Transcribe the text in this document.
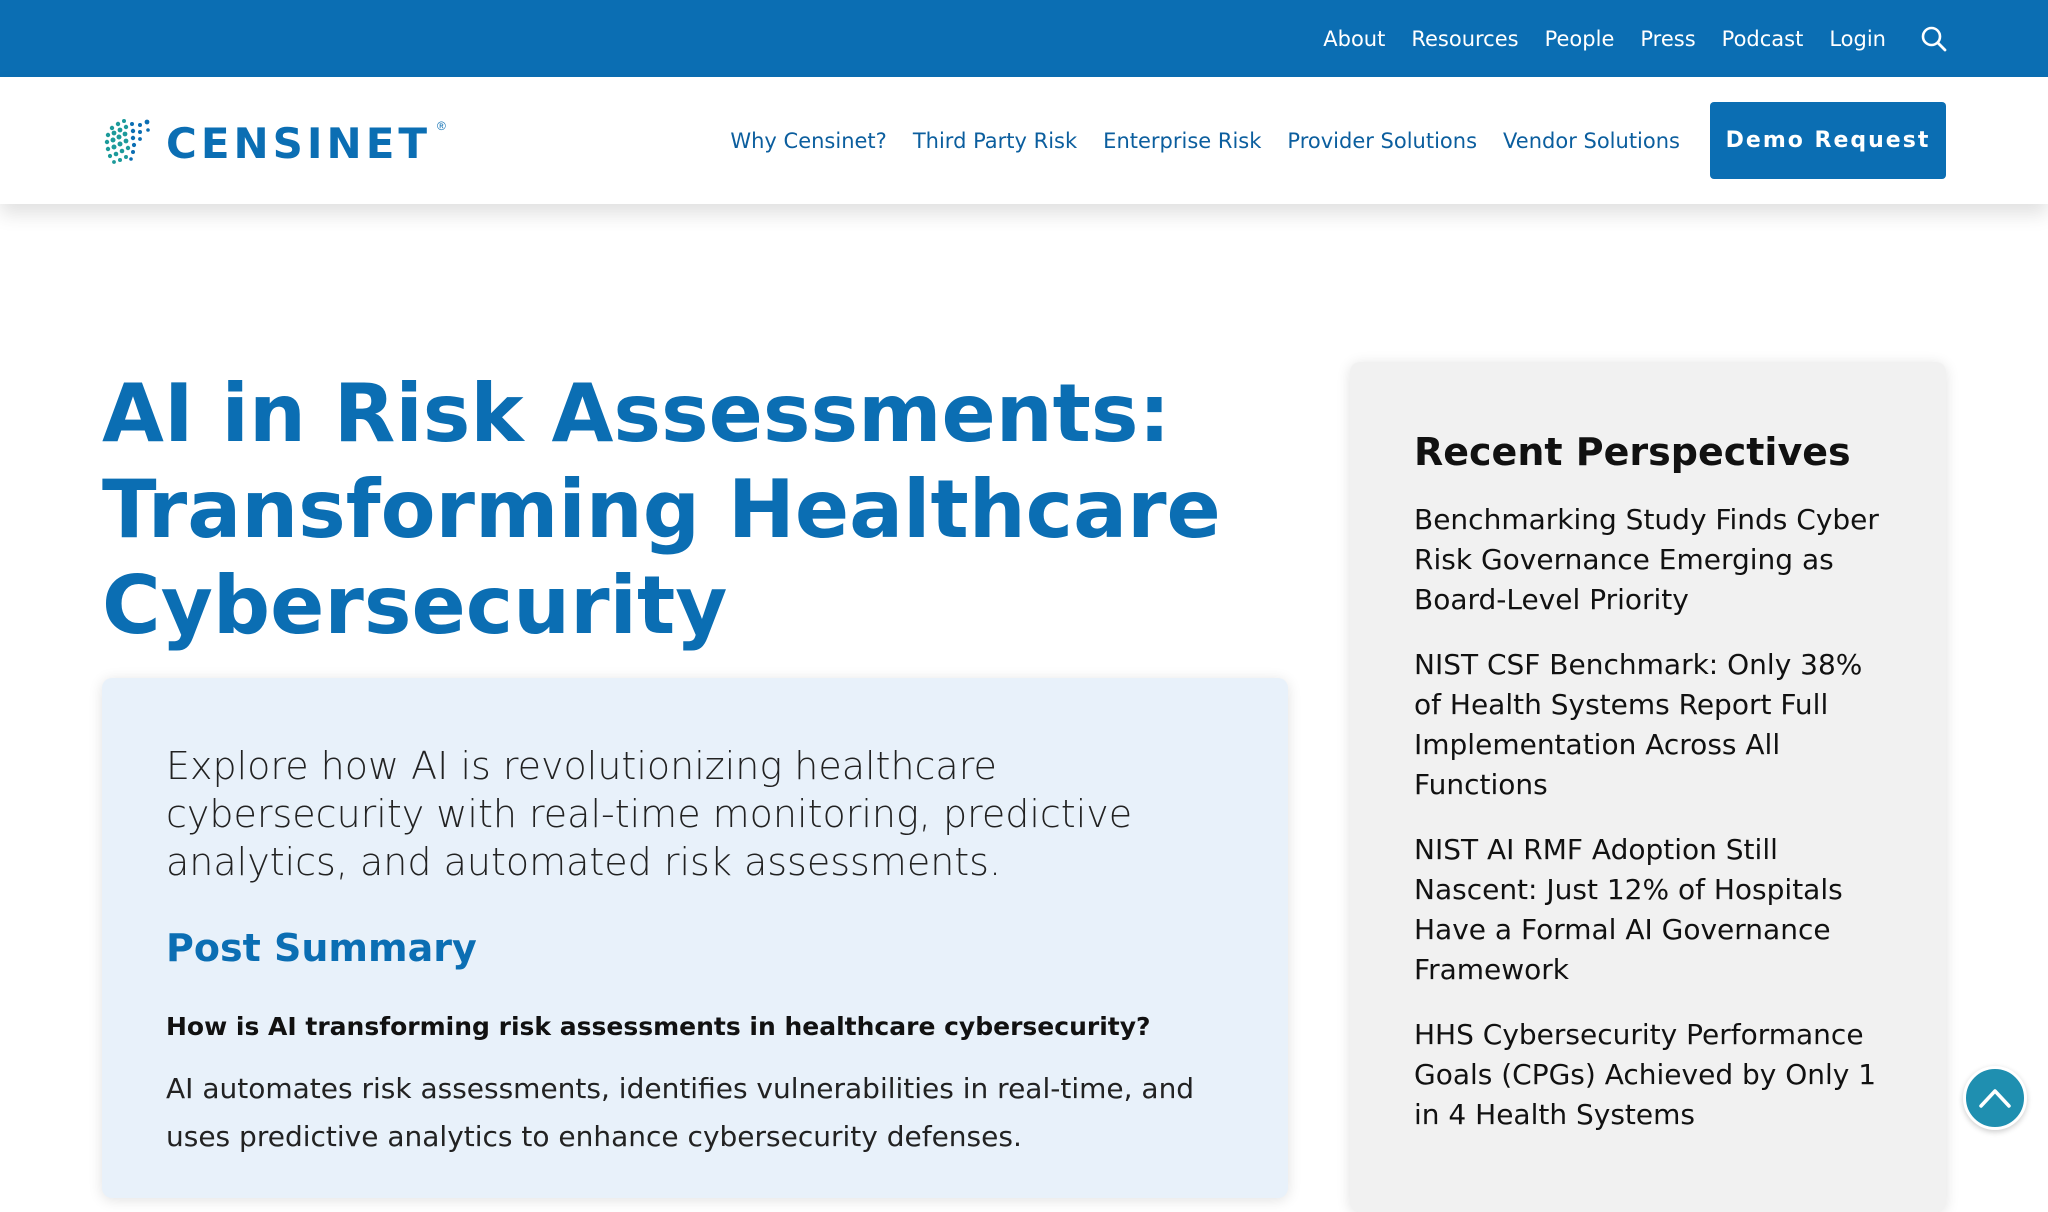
About Resources People Press Podcast Login
CENSINET ®
Why Censinet? Third Party Risk Enterprise Risk Provider Solutions Vendor Solutions	Demo Request
AI in Risk Assessments: Transforming Healthcare Cybersecurity

Explore how AI is revolutionizing healthcare cybersecurity with real-time monitoring, predictive analytics, and automated risk assessments.

Post Summary

How is AI transforming risk assessments in healthcare cybersecurity?

AI automates risk assessments, identifies vulnerabilities in real-time, and uses predictive analytics to enhance cybersecurity defenses.

Recent Perspectives
Benchmarking Study Finds Cyber Risk Governance Emerging as Board-Level Priority
NIST CSF Benchmark: Only 38% of Health Systems Report Full Implementation Across All Functions
NIST AI RMF Adoption Still Nascent: Just 12% of Hospitals Have a Formal AI Governance Framework
HHS Cybersecurity Performance Goals (CPGs) Achieved by Only 1 in 4 Health Systems
